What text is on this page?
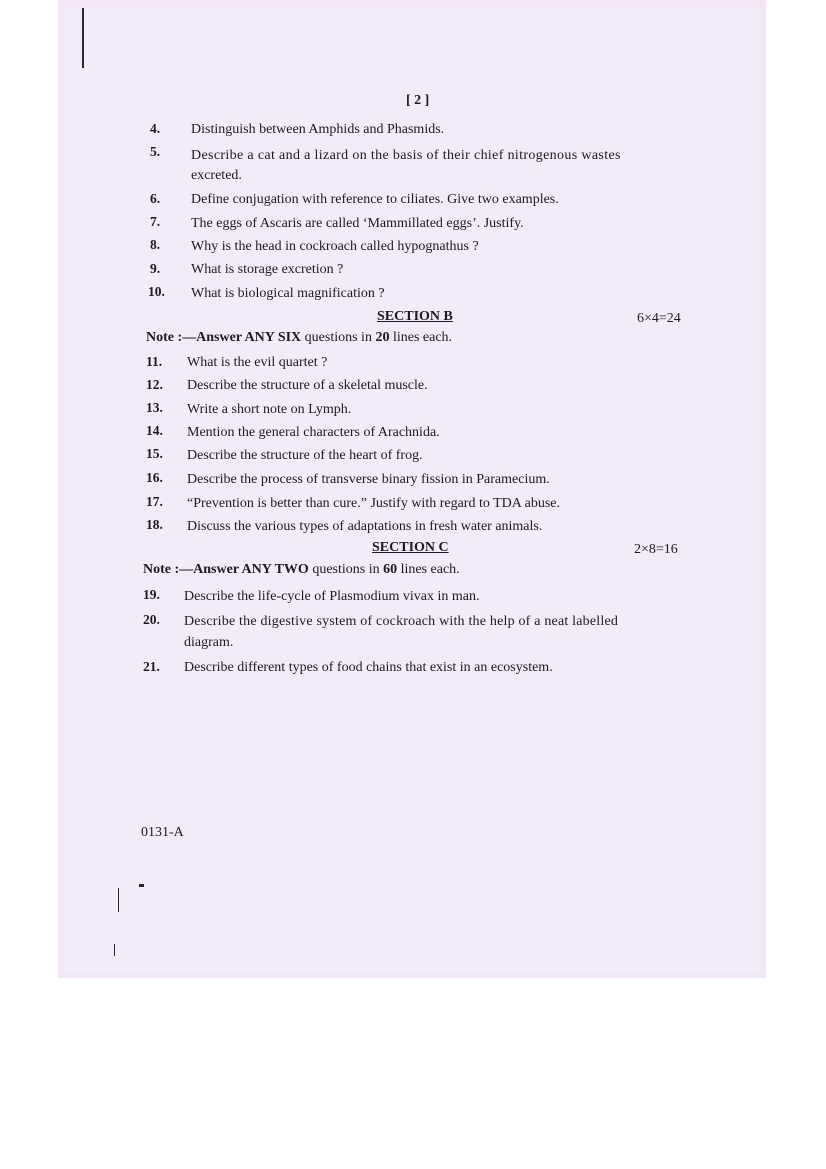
[ 2 ]
4. Distinguish between Amphids and Phasmids.
5. Describe a cat and a lizard on the basis of their chief nitrogenous wastes
excreted.
6. Define conjugation with reference to ciliates. Give two examples.
7. The eggs of Ascaris are called ‘Mammillated eggs’. Justify.
8. Why is the head in cockroach called hypognathus ?
9. What is storage excretion ?
10. What is biological magnification ?
SECTION B	6×4=24
Note :—Answer ANY SIX questions in 20 lines each.
11. What is the evil quartet ?
12. Describe the structure of a skeletal muscle.
13. Write a short note on Lymph.
14. Mention the general characters of Arachnida.
15. Describe the structure of the heart of frog.
16. Describe the process of transverse binary fission in Paramecium.
17. “Prevention is better than cure.” Justify with regard to TDA abuse.
18. Discuss the various types of adaptations in fresh water animals.
SECTION C	2×8=16
Note :—Answer ANY TWO questions in 60 lines each.
19. Describe the life-cycle of Plasmodium vivax in man.
20. Describe the digestive system of cockroach with the help of a neat labelled
diagram.
21. Describe different types of food chains that exist in an ecosystem.
0131-A
